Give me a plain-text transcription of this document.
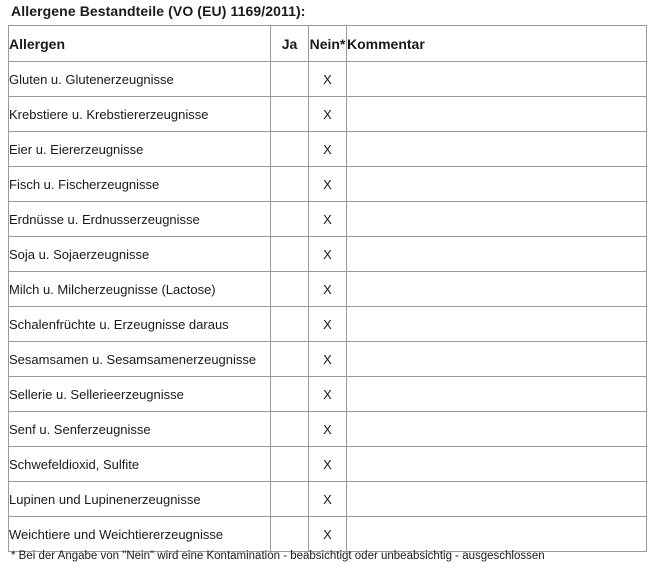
Allergene Bestandteile (VO (EU) 1169/2011):
Allergen	Ja	Nein*	Kommentar
Gluten u. Glutenerzeugnisse		X	
Krebstiere u. Krebstiererzeugnisse		X	
Eier u. Eiererzeugnisse		X	
Fisch u. Fischerzeugnisse		X	
Erdnüsse u. Erdnusserzeugnisse		X	
Soja u. Sojaerzeugnisse		X	
Milch u. Milcherzeugnisse (Lactose)		X	
Schalenfrüchte u. Erzeugnisse daraus		X	
Sesamsamen u. Sesamsamenerzeugnisse		X	
Sellerie u. Sellerieerzeugnisse		X	
Senf u. Senferzeugnisse		X	
Schwefeldioxid, Sulfite		X	
Lupinen und Lupinenerzeugnisse		X	
Weichtiere und Weichtiererzeugnisse		X	
* Bei der Angabe von "Nein" wird eine Kontamination - beabsichtigt oder unbeabsichtig - ausgeschlossen
